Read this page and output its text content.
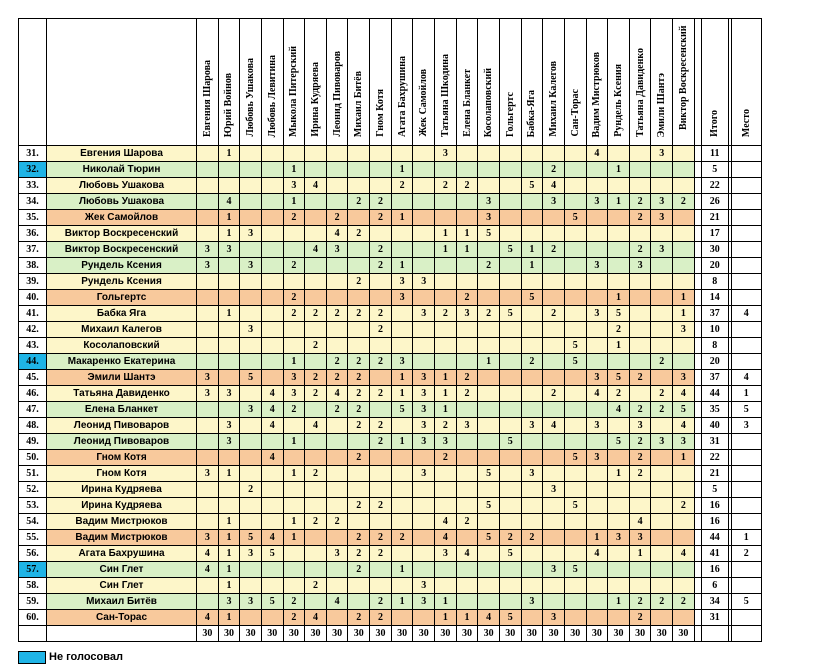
		Евгения Шарова	Юрий Войнов	Любовь Ушакова	Любовь Левитина	Мыкола Питерский	Ирина Кудряева	Леонид Пивоваров	Михаил Битёв	Гном Котя	Агата Бахрушина	Жек Самойлов	Татьяна Шкодина	Елена Бланкет	Косолаповский	Гольгертс	Бабка-Яга	Михаил Калегов	Сан-Торас	Вадим Мистрюков	Рундель Ксения	Татьяна Давиденко	Эмили Шантэ	Виктор Воскресенский		Итого		Место
31.	Евгения Шарова		1										3							4			3			11		
32.	Николай Тюрин					1					1							2			1					5		
33.	Любовь Ушакова					3	4				2		2	2			5	4								22		
34.	Любовь Ушакова		4			1			2	2					3			3		3	1	2	3	2		26		
35.	Жек Самойлов		1			2		2		2	1				3				5			2	3			21		
36.	Виктор Воскресенский		1	3				4	2				1	1	5											17		
37.	Виктор Воскресенский	3	3				4	3		2			1	1		5	1	2				2	3			30		
38.	Рундель Ксения	3		3		2				2	1				2		1			3		3				20		
39.	Рундель Ксения								2		3	3														8		
40.	Гольгертс					2					3			2			5				1			1		14		
41.	Бабка Яга		1			2	2	2	2	2		3	2	3	2	5		2		3	5			1		37		4
42.	Михаил Калегов			3						2											2			3		10		
43.	Косолаповский						2												5		1					8		
44.	Макаренко Екатерина					1		2	2	2	3				1		2		5				2			20		
45.	Эмили Шантэ	3		5		3	2	2	2		1	3	1	2						3	5	2		3		37		4
46.	Татьяна Давиденко	3	3		4	3	2	4	2	2	1	3	1	2				2		4	2		2	4		44		1
47.	Елена Бланкет			3	4	2		2	2		5	3	1								4	2	2	5		35		5
48.	Леонид Пивоваров		3		4		4		2	2		3	2	3			3	4		3		3		4		40		3
49.	Леонид Пивоваров		3			1				2	1	3	3			5					5	2	3	3		31		
50.	Гном Котя				4				2				2						5	3		2		1		22		
51.	Гном Котя	3	1			1	2					3			5		3				1	2				21		
52.	Ирина Кудряева			2														3								5		
53.	Ирина Кудряева								2	2					5				5					2		16		
54.	Вадим Мистрюков		1			1	2	2					4	2								4				16		
55.	Вадим Мистрюков	3	1	5	4	1			2	2	2		4		5	2	2			1	3	3				44		1
56.	Агата Бахрушина	4	1	3	5			3	2	2			3	4		5				4		1		4		41		2
57.	Син Глет	4	1						2		1							3	5							16		
58.	Син Глет		1				2					3														6		
59.	Михаил Битёв		3	3	5	2		4		2	1	3	1				3				1	2	2	2		34		5
60.	Сан-Торас	4	1			2	4		2	2			1	1	4	5		3				2				31		
		30	30	30	30	30	30	30	30	30	30	30	30	30	30	30	30	30	30	30	30	30	30	30				
Не голосовал
